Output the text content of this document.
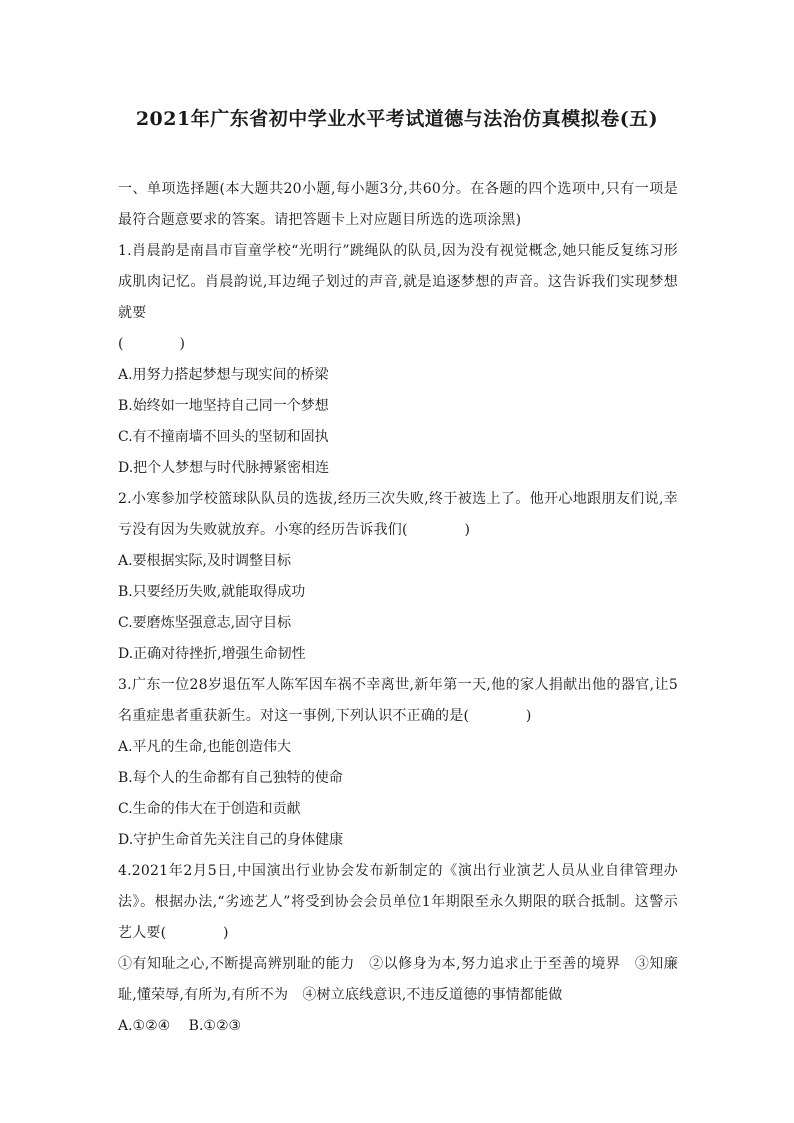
2021年广东省初中学业水平考试道德与法治仿真模拟卷(五)
一、单项选择题(本大题共20小题,每小题3分,共60分。在各题的四个选项中,只有一项是最符合题意要求的答案。请把答题卡上对应题目所选的选项涂黑)
1.肖晨韵是南昌市盲童学校“光明行”跳绳队的队员,因为没有视觉概念,她只能反复练习形成肌肉记忆。肖晨韵说,耳边绳子划过的声音,就是追逐梦想的声音。这告诉我们实现梦想就要
(　　　　)
A.用努力搭起梦想与现实间的桥梁
B.始终如一地坚持自己同一个梦想
C.有不撞南墙不回头的坚韧和固执
D.把个人梦想与时代脉搏紧密相连
2.小寒参加学校篮球队队员的选拔,经历三次失败,终于被选上了。他开心地跟朋友们说,幸亏没有因为失败就放弃。小寒的经历告诉我们(　　　　)
A.要根据实际,及时调整目标
B.只要经历失败,就能取得成功
C.要磨炼坚强意志,固守目标
D.正确对待挫折,增强生命韧性
3.广东一位28岁退伍军人陈军因车祸不幸离世,新年第一天,他的家人捐献出他的器官,让5名重症患者重获新生。对这一事例,下列认识不正确的是(　　　　)
A.平凡的生命,也能创造伟大
B.每个人的生命都有自己独特的使命
C.生命的伟大在于创造和贡献
D.守护生命首先关注自己的身体健康
4.2021年2月5日,中国演出行业协会发布新制定的《演出行业演艺人员从业自律管理办法》。根据办法,“劣迹艺人”将受到协会会员单位1年期限至永久期限的联合抵制。这警示艺人要(　　　　)
①有知耻之心,不断提高辨别耻的能力　②以修身为本,努力追求止于至善的境界　③知廉耻,懂荣辱,有所为,有所不为　④树立底线意识,不违反道德的事情都能做
A.①②④　 B.①②③
